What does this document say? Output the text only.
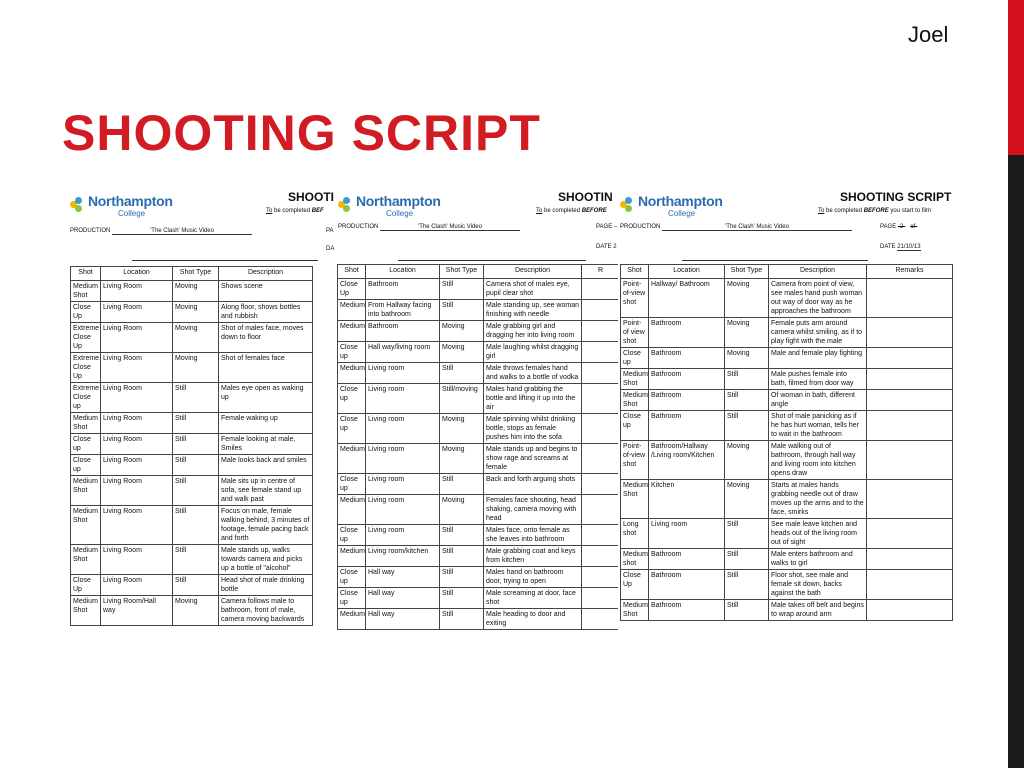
Joel
SHOOTING SCRIPT
Northampton
College
SHOOTI
To be completed BEF
PRODUCTION	'The Clash' Music Video	PA
DA
Shot	Location	Shot Type	Description
Medium Shot	Living Room	Moving	Shows scene
Close Up	Living Room	Moving	Along floor, shows bottles and rubbish
Extreme Close Up	Living Room	Moving	Shot of males face, moves down to floor
Extreme Close Up	Living Room	Moving	Shot of females face
Extreme Close up	Living Room	Still	Males eye open as waking up
Medium Shot	Living Room	Still	Female waking up
Close up	Living Room	Still	Female looking at male, Smiles
Close up	Living Room	Still	Male looks back and smiles
Medium Shot	Living Room	Still	Male sits up in centre of sofa, see female stand up and walk past
Medium Shot	Living Room	Still	Focus on male, female walking behind, 3 minutes of footage, female pacing back and forth
Medium Shot	Living Room	Still	Male stands up, walks towards camera and picks up a bottle of "alcohol"
Close Up	Living Room	Still	Head shot of male drinking bottle
Medium Shot	Living Room/Hall way	Moving	Camera follows male to bathroom, front of male, camera moving backwards
Northampton
College
SHOOTIN
To be completed BEFORE
PRODUCTION	'The Clash' Music Video	PAGE –
DATE 2
Shot	Location	Shot Type	Description	R
Close Up	Bathroom	Still	Camera shot of males eye, pupil clear shot	
Medium	From Hallway facing into bathroom	Still	Male standing up, see woman finishing with needle	
Medium	Bathroom	Moving	Male grabbing girl and dragging her into living room	
Close up	Hall way/living room	Moving	Male laughing whilst dragging girl	
Medium	Living room	Still	Male throws females hand and walks to a bottle of vodka	
Close up	Living room	Still/moving	Males hand grabbing the bottle and lifting it up into the air	
Close up	Living room	Moving	Male spinning whilst drinking bottle, stops as female pushes him into the sofa	
Medium	Living room	Moving	Male stands up and begins to show rage and screams at female	
Close up	Living room	Still	Back and forth arguing shots	
Medium	Living room	Moving	Females face shouting, head shaking, camera moving with head	
Close up	Living room	Still	Males face, onto female as she leaves into bathroom	
Medium	Living room/kitchen	Still	Male grabbing coat and keys from kitchen	
Close up	Hall way	Still	Males hand on bathroom door, trying to open	
Close up	Hall way	Still	Male screaming at door, face shot	
Medium	Hall way	Still	Male heading to door and exiting	
Northampton
College
SHOOTING SCRIPT
To be completed BEFORE you start to film
PRODUCTION	'The Clash' Music Video	PAGE -2- of-
DATE 21/10/13
Shot	Location	Shot Type	Description	Remarks
Point-of-view shot	Hallway/ Bathroom	Moving	Camera from point of view, see males hand push woman out way of door way as he approaches the bathroom	
Point-of view shot	Bathroom	Moving	Female puts arm around camera whilst smiling, as if to play fight with the male	
Close up	Bathroom	Moving	Male and female play fighting	
Medium Shot	Bathroom	Still	Male pushes female into bath, filmed from door way	
Medium Shot	Bathroom	Still	Of woman in bath, different angle	
Close up	Bathroom	Still	Shot of male panicking as if he has hurt woman, tells her to wait in the bathroom	
Point-of-view shot	Bathroom/Hallway /Living room/Kitchen	Moving	Male walking out of bathroom, through hall way and living room into kitchen opens draw	
Medium Shot	Kitchen	Moving	Starts at males hands grabbing needle out of draw moves up the arms and to the face, smirks	
Long shot	Living room	Still	See male leave kitchen and heads out of the living room out of sight	
Medium shot	Bathroom	Still	Male enters bathroom and walks to girl	
Close Up	Bathroom	Still	Floor shot, see male and female sit down, backs against the bath	
Medium Shot	Bathroom	Still	Male takes off belt and begins to wrap around arm	
